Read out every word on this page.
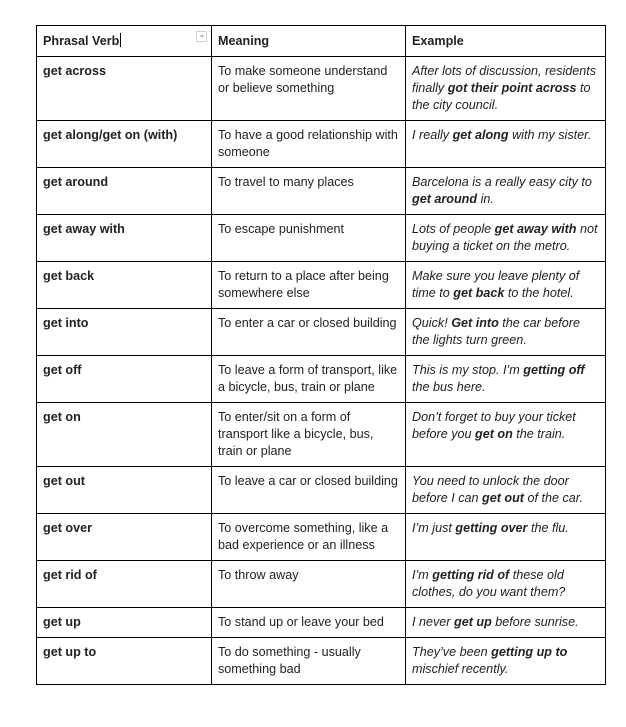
Phrasal Verb	Meaning	Example
get across	To make someone understand or believe something	After lots of discussion, residents finally got their point across to the city council.
get along/get on (with)	To have a good relationship with someone	I really get along with my sister.
get around	To travel to many places	Barcelona is a really easy city to get around in.
get away with	To escape punishment	Lots of people get away with not buying a ticket on the metro.
get back	To return to a place after being somewhere else	Make sure you leave plenty of time to get back to the hotel.
get into	To enter a car or closed building	Quick! Get into the car before the lights turn green.
get off	To leave a form of transport, like a bicycle, bus, train or plane	This is my stop. I’m getting off the bus here.
get on	To enter/sit on a form of transport like a bicycle, bus, train or plane	Don’t forget to buy your ticket before you get on the train.
get out	To leave a car or closed building	You need to unlock the door before I can get out of the car.
get over	To overcome something, like a bad experience or an illness	I’m just getting over the flu.
get rid of	To throw away	I’m getting rid of these old clothes, do you want them?
get up	To stand up or leave your bed	I never get up before sunrise.
get up to	To do something - usually something bad	They’ve been getting up to mischief recently.
